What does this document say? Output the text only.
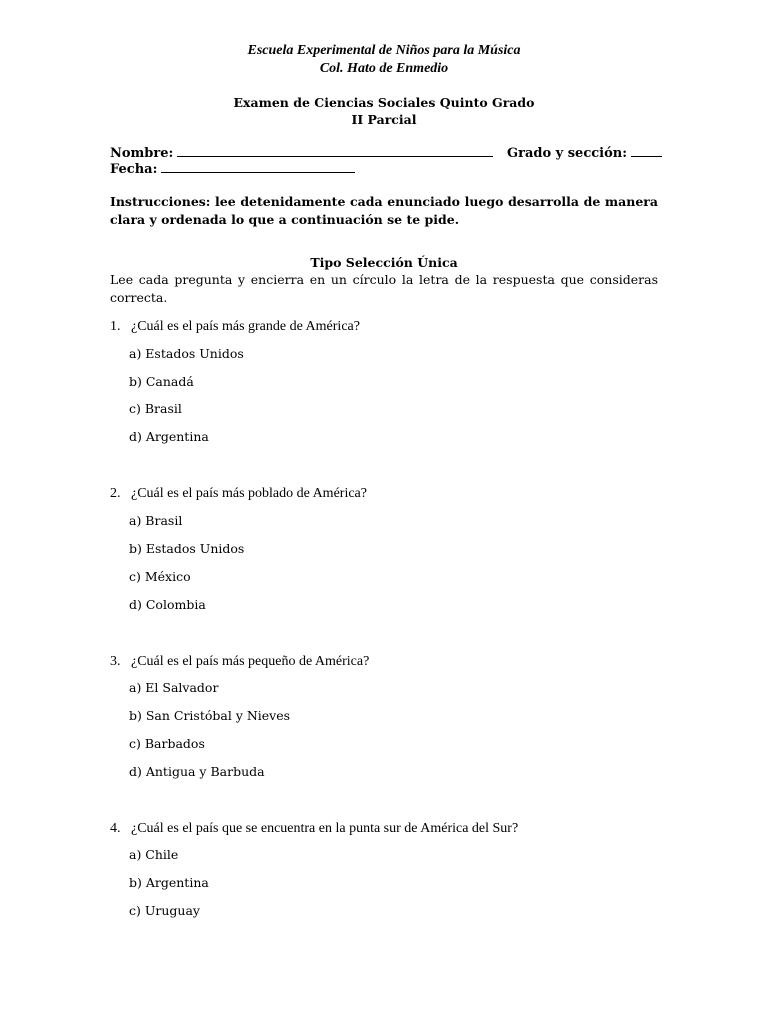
Escuela Experimental de Niños para la Música
Col. Hato de Enmedio
Examen de Ciencias Sociales Quinto Grado
II Parcial
Nombre:	Grado y sección:
Fecha:
Instrucciones: lee detenidamente cada enunciado luego desarrolla de manera clara y ordenada lo que a continuación se te pide.
Tipo Selección Única
Lee cada pregunta y encierra en un círculo la letra de la respuesta que consideras correcta.
1. ¿Cuál es el país más grande de América?
a) Estados Unidos
b) Canadá
c) Brasil
d) Argentina
2. ¿Cuál es el país más poblado de América?
a) Brasil
b) Estados Unidos
c) México
d) Colombia
3. ¿Cuál es el país más pequeño de América?
a) El Salvador
b) San Cristóbal y Nieves
c) Barbados
d) Antigua y Barbuda
4. ¿Cuál es el país que se encuentra en la punta sur de América del Sur?
a) Chile
b) Argentina
c) Uruguay
